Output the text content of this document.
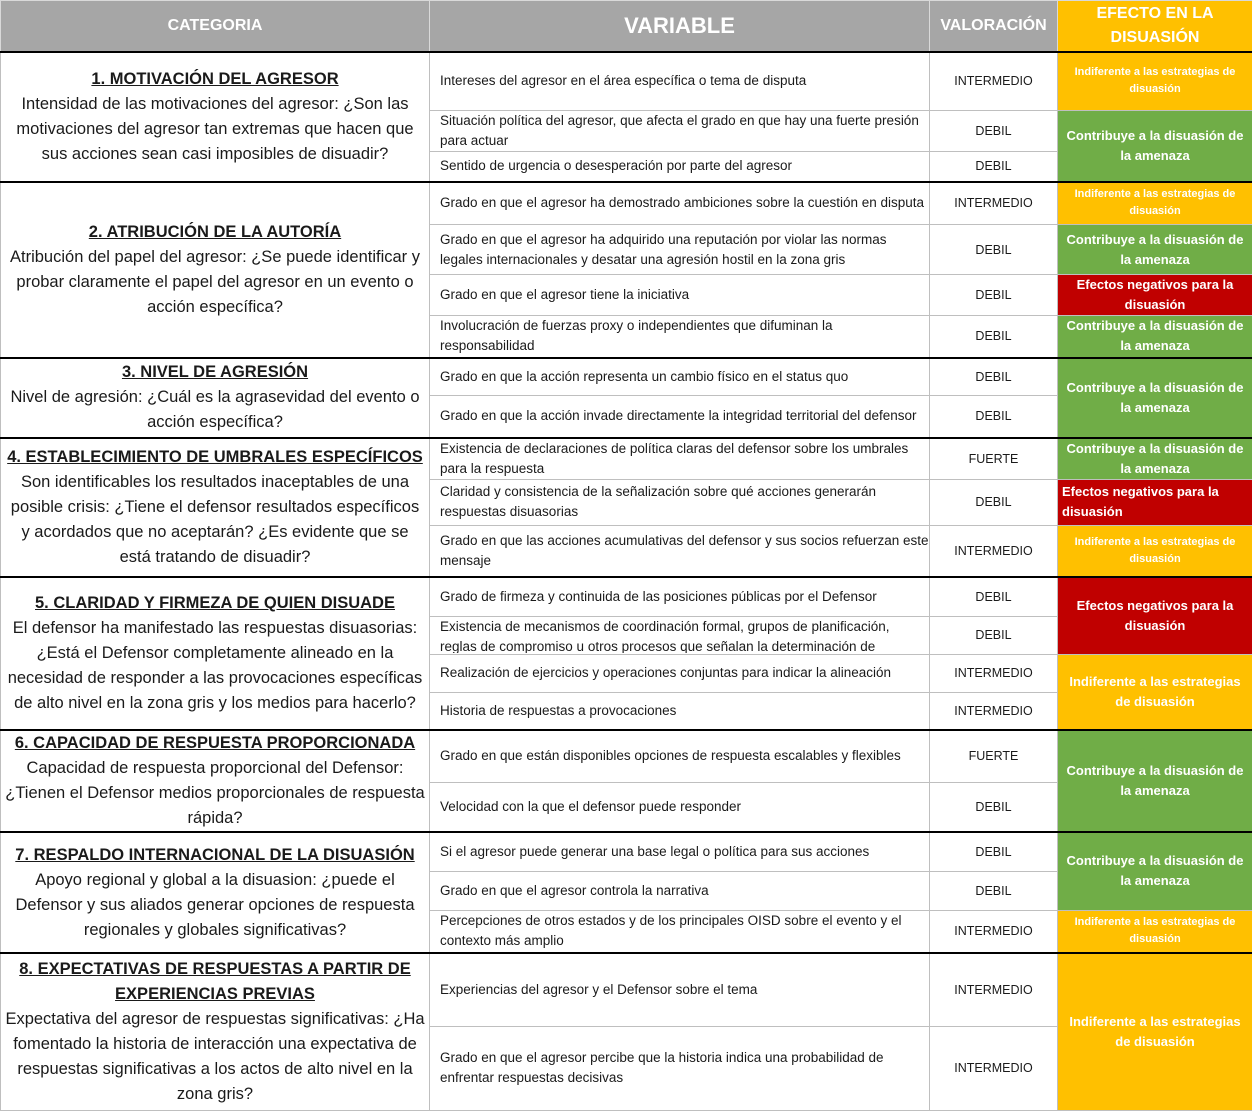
CATEGORIA	VARIABLE	VALORACIÓN	EFECTO EN LA DISUASIÓN

1. MOTIVACIÓN DEL AGRESOR
Intensidad de las motivaciones del agresor: ¿Son las motivaciones del agresor tan extremas que hacen que sus acciones sean casi imposibles de disuadir?	Intereses del agresor en el área específica o tema de disputa	INTERMEDIO	Indiferente a las estrategias de disuasión
	Situación política del agresor, que afecta el grado en que hay una fuerte presión para actuar	DEBIL	Contribuye a la disuasión de la amenaza
	Sentido de urgencia o desesperación por parte del agresor	DEBIL	

2. ATRIBUCIÓN DE LA AUTORÍA
Atribución del papel del agresor: ¿Se puede identificar y probar claramente el papel del agresor en un evento o acción específica?	Grado en que el agresor ha demostrado ambiciones sobre la cuestión en disputa	INTERMEDIO	Indiferente a las estrategias de disuasión
	Grado en que el agresor ha adquirido una reputación por violar las normas legales internacionales y desatar una agresión hostil en la zona gris	DEBIL	Contribuye a la disuasión de la amenaza
	Grado en que el agresor tiene la iniciativa	DEBIL	Efectos negativos para la disuasión
	Involucración de fuerzas proxy o independientes que difuminan la responsabilidad	DEBIL	Contribuye a la disuasión de la amenaza

3. NIVEL DE AGRESIÓN
Nivel de agresión: ¿Cuál es la agrasevidad del evento o acción específica?	Grado en que la acción representa un cambio físico en el status quo	DEBIL	Contribuye a la disuasión de la amenaza
	Grado en que la acción invade directamente la integridad territorial del defensor	DEBIL	

4. ESTABLECIMIENTO DE UMBRALES ESPECÍFICOS
Son identificables los resultados inaceptables de una posible crisis: ¿Tiene el defensor resultados específicos y acordados que no aceptarán? ¿Es evidente que se está tratando de disuadir?	Existencia de declaraciones de política claras del defensor sobre los umbrales para la respuesta	FUERTE	Contribuye a la disuasión de la amenaza
	Claridad y consistencia de la señalización sobre qué acciones generarán respuestas disuasorias	DEBIL	Efectos negativos para la disuasión
	Grado en que las acciones acumulativas del defensor y sus socios refuerzan este mensaje	INTERMEDIO	Indiferente a las estrategias de disuasión

5. CLARIDAD Y FIRMEZA DE QUIEN DISUADE
El defensor ha manifestado las respuestas disuasorias: ¿Está el Defensor completamente alineado en la necesidad de responder a las provocaciones específicas de alto nivel en la zona gris y los medios para hacerlo?	Grado de firmeza y continuida de las posiciones públicas por el Defensor	DEBIL	Efectos negativos para la disuasión

	Existencia de mecanismos de coordinación formal, grupos de planificación, reglas de compromiso u otros procesos que señalan la determinación de	DEBIL	
	Realización de ejercicios y operaciones conjuntas para indicar la alineación	INTERMEDIO	Indiferente a las estrategias de disuasión
	Historia de respuestas a provocaciones	INTERMEDIO	

6. CAPACIDAD DE RESPUESTA PROPORCIONADA
Capacidad de respuesta proporcional del Defensor: ¿Tienen el Defensor medios proporcionales de respuesta rápida?	Grado en que están disponibles opciones de respuesta escalables y flexibles	FUERTE	Contribuye a la disuasión de la amenaza
	Velocidad con la que el defensor puede responder	DEBIL	

7. RESPALDO INTERNACIONAL DE LA DISUASIÓN
Apoyo regional y global a la disuasion: ¿puede el Defensor y sus aliados generar opciones de respuesta regionales y globales significativas?	Si el agresor puede generar una base legal o política para sus acciones	DEBIL	Contribuye a la disuasión de la amenaza
	Grado en que el agresor controla la narrativa	DEBIL	
	Percepciones de otros estados y de los principales OISD sobre el evento y el contexto más amplio	INTERMEDIO	Indiferente a las estrategias de disuasión

8. EXPECTATIVAS DE RESPUESTAS A PARTIR DE EXPERIENCIAS PREVIAS
Expectativa del agresor de respuestas significativas: ¿Ha fomentado la historia de interacción una expectativa de respuestas significativas a los actos de alto nivel en la zona gris?	Experiencias del agresor y el Defensor sobre el tema	INTERMEDIO	Indiferente a las estrategias de disuasión
	Grado en que el agresor percibe que la historia indica una probabilidad de enfrentar respuestas decisivas	INTERMEDIO	
